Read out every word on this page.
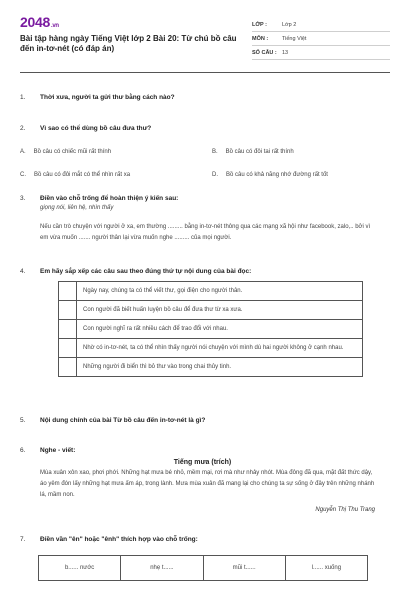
2048.vn
Bài tập hàng ngày Tiếng Việt lớp 2 Bài 20: Từ chú bồ câu đến in-tơ-nét (có đáp án)
LỚP :	Lớp 2
MÔN :	Tiếng Việt
SỐ CÂU : 13
1. Thời xưa, người ta gửi thư bằng cách nào?
2. Vì sao có thể dùng bồ câu đưa thư?
A. Bồ câu có chiếc mũi rất thính	B. Bồ câu có đôi tai rất thính
C. Bồ câu có đôi mắt có thể nhìn rất xa	D. Bồ câu có khả năng nhớ đường rất tốt
3. Điền vào chỗ trống để hoàn thiện ý kiến sau:
giọng nói, liên hệ, nhìn thấy
Nếu cần trò chuyện với người ở xa, em thường ......... bằng in-tơ-nét thông qua các mạng xã hội như facebook, zalo,.. bởi vì em vừa muốn ....... người thân lại vừa muốn nghe ......... của mọi người.
4. Em hãy sắp xếp các câu sau theo đúng thứ tự nội dung của bài đọc:
Ngày nay, chúng ta có thể viết thư, gọi điện cho người thân.
Con người đã biết huấn luyện bồ câu để đưa thư từ xa xưa.
Con người nghĩ ra rất nhiều cách để trao đổi với nhau.
Nhờ có in-tơ-nét, ta có thể nhìn thấy người nói chuyện với mình dù hai người không ở cạnh nhau.
Những người đi biển thì bỏ thư vào trong chai thủy tinh.
5. Nội dung chính của bài Từ bồ câu đến in-tơ-nét là gì?
6. Nghe - viết:
Tiếng mưa (trích)
Mùa xuân xôn xao, phơi phới. Những hạt mưa bé nhỏ, mềm mại, rơi mà như nhảy nhót. Mùa đông đã qua, mặt đất thức dậy, áo yêm đón lấy những hạt mưa ấm áp, trong lành. Mưa mùa xuân đã mang lại cho chúng ta sự sống ở đây trên những nhánh lá, mầm non.
Nguyễn Thị Thu Trang
7. Điền vần "ên" hoặc "ênh" thích hợp vào chỗ trống:
b...... nước	nhẹ t......	mũi t......	l...... xuống
